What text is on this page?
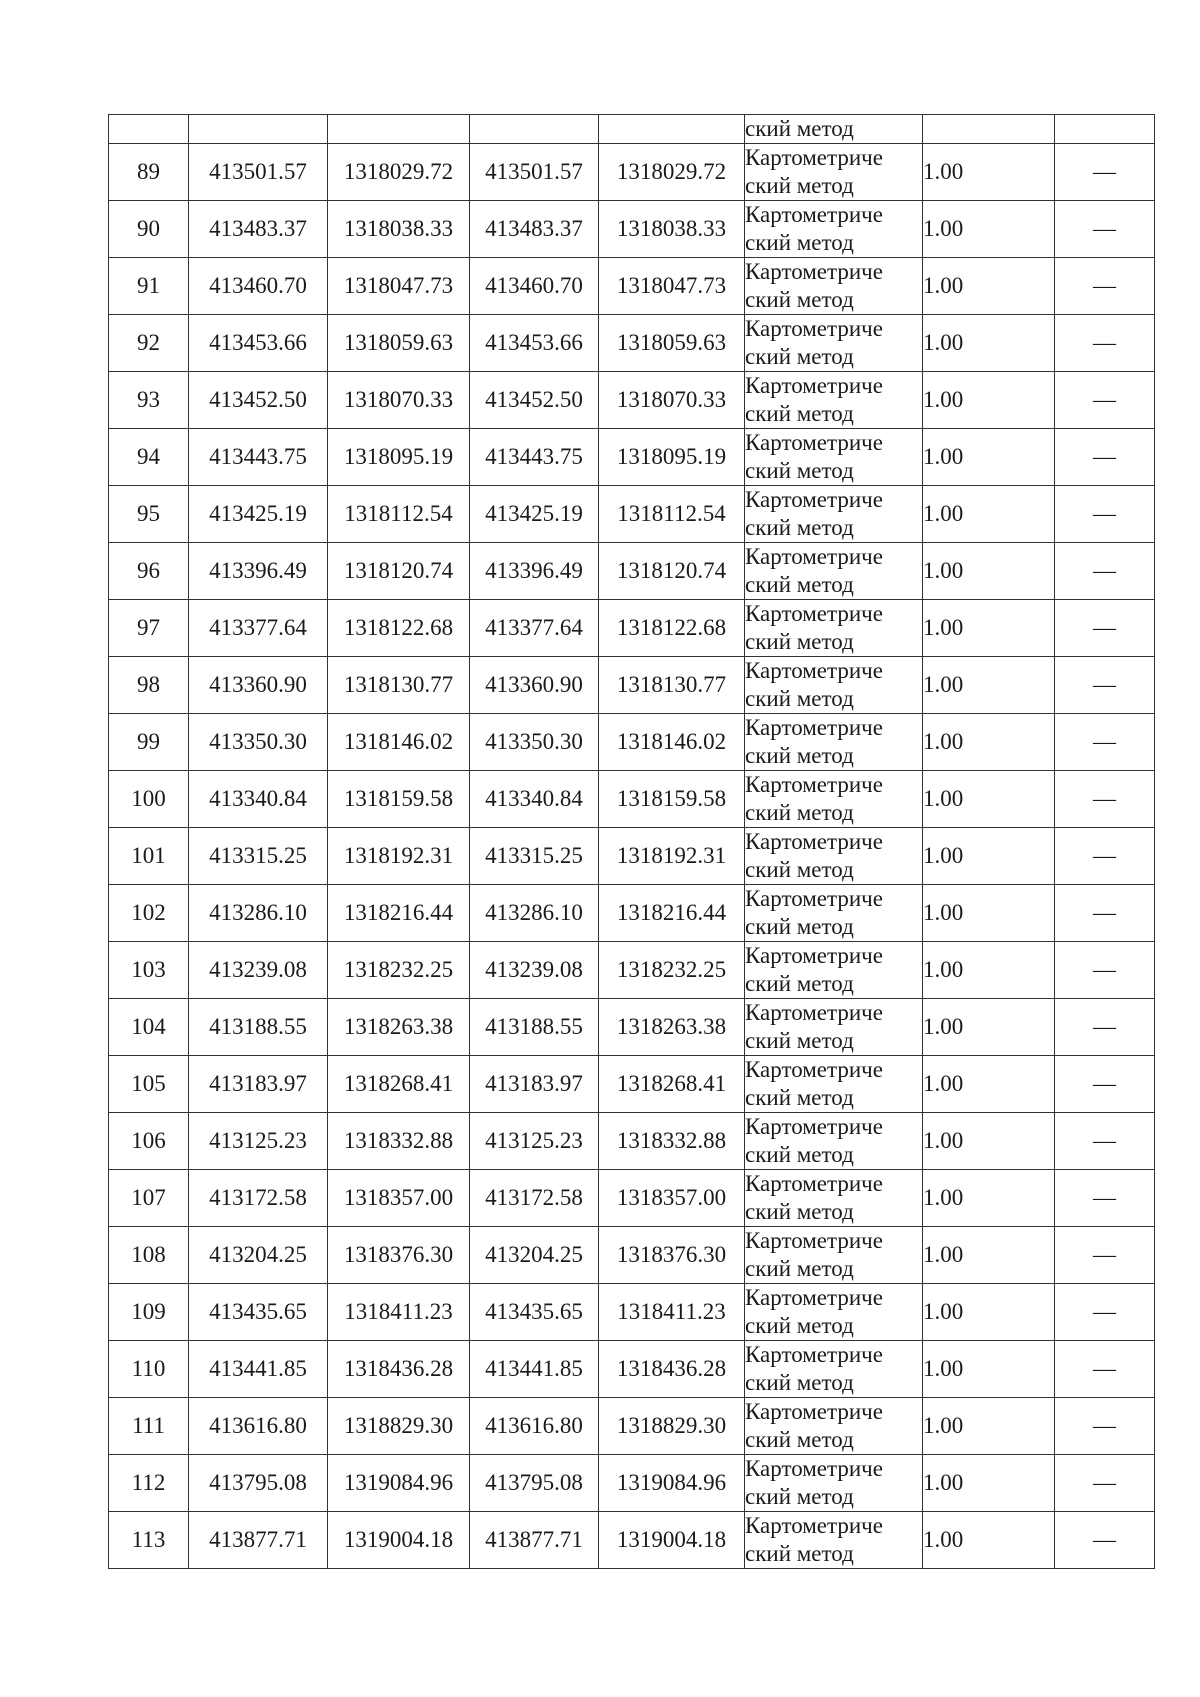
					ский метод		

89	413501.57	1318029.72	413501.57	1318029.72	Картометриче
ский метод	1.00	—
90	413483.37	1318038.33	413483.37	1318038.33	Картометриче
ский метод	1.00	—
91	413460.70	1318047.73	413460.70	1318047.73	Картометриче
ский метод	1.00	—
92	413453.66	1318059.63	413453.66	1318059.63	Картометриче
ский метод	1.00	—
93	413452.50	1318070.33	413452.50	1318070.33	Картометриче
ский метод	1.00	—
94	413443.75	1318095.19	413443.75	1318095.19	Картометриче
ский метод	1.00	—
95	413425.19	1318112.54	413425.19	1318112.54	Картометриче
ский метод	1.00	—
96	413396.49	1318120.74	413396.49	1318120.74	Картометриче
ский метод	1.00	—
97	413377.64	1318122.68	413377.64	1318122.68	Картометриче
ский метод	1.00	—
98	413360.90	1318130.77	413360.90	1318130.77	Картометриче
ский метод	1.00	—
99	413350.30	1318146.02	413350.30	1318146.02	Картометриче
ский метод	1.00	—
100	413340.84	1318159.58	413340.84	1318159.58	Картометриче
ский метод	1.00	—
101	413315.25	1318192.31	413315.25	1318192.31	Картометриче
ский метод	1.00	—
102	413286.10	1318216.44	413286.10	1318216.44	Картометриче
ский метод	1.00	—
103	413239.08	1318232.25	413239.08	1318232.25	Картометриче
ский метод	1.00	—
104	413188.55	1318263.38	413188.55	1318263.38	Картометриче
ский метод	1.00	—
105	413183.97	1318268.41	413183.97	1318268.41	Картометриче
ский метод	1.00	—
106	413125.23	1318332.88	413125.23	1318332.88	Картометриче
ский метод	1.00	—
107	413172.58	1318357.00	413172.58	1318357.00	Картометриче
ский метод	1.00	—
108	413204.25	1318376.30	413204.25	1318376.30	Картометриче
ский метод	1.00	—
109	413435.65	1318411.23	413435.65	1318411.23	Картометриче
ский метод	1.00	—
110	413441.85	1318436.28	413441.85	1318436.28	Картометриче
ский метод	1.00	—
111	413616.80	1318829.30	413616.80	1318829.30	Картометриче
ский метод	1.00	—
112	413795.08	1319084.96	413795.08	1319084.96	Картометриче
ский метод	1.00	—
113	413877.71	1319004.18	413877.71	1319004.18	Картометриче
ский метод	1.00	—
